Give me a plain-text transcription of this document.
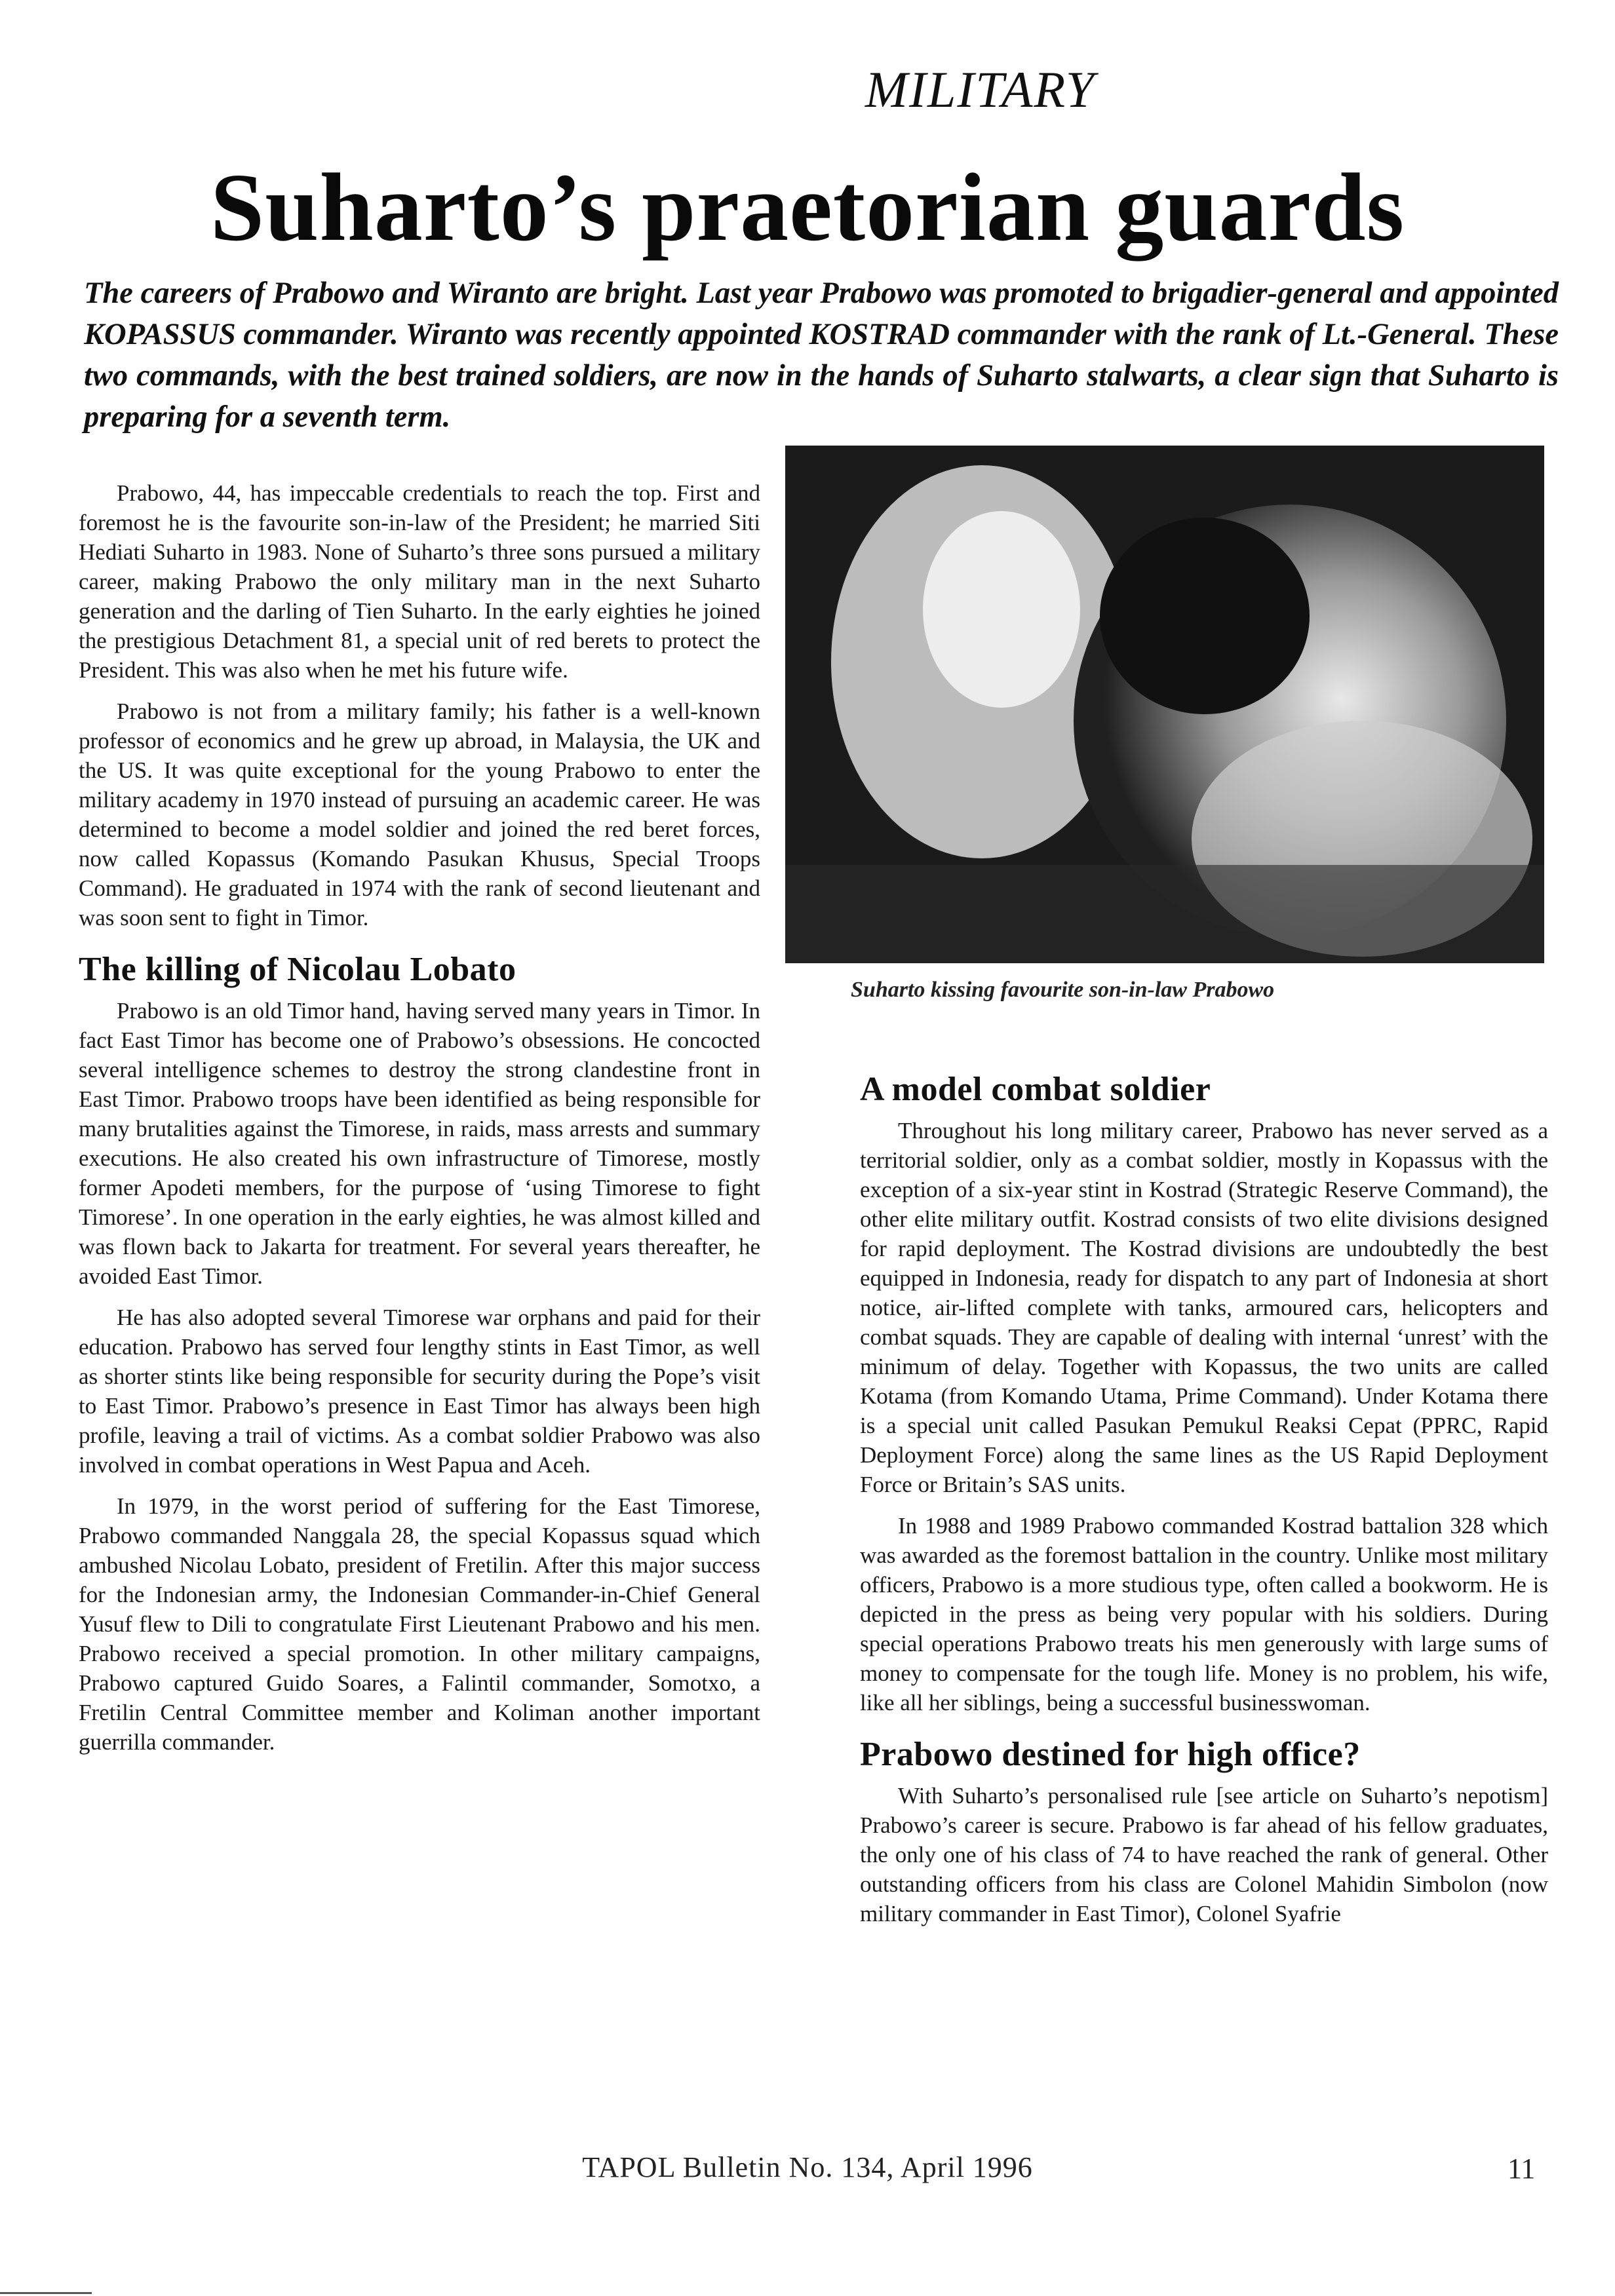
MILITARY
Suharto’s praetorian guards
The careers of Prabowo and Wiranto are bright. Last year Prabowo was promoted to brigadier-general and appointed KOPASSUS commander. Wiranto was recently appointed KOSTRAD commander with the rank of Lt.-General. These two commands, with the best trained soldiers, are now in the hands of Suharto stalwarts, a clear sign that Suharto is preparing for a seventh term.

Prabowo, 44, has impeccable credentials to reach the top. First and foremost he is the favourite son-in-law of the President; he married Siti Hediati Suharto in 1983. None of Suharto’s three sons pursued a military career, making Prabowo the only military man in the next Suharto generation and the darling of Tien Suharto. In the early eighties he joined the prestigious Detachment 81, a special unit of red berets to protect the President. This was also when he met his future wife.

Prabowo is not from a military family; his father is a well-known professor of economics and he grew up abroad, in Malaysia, the UK and the US. It was quite exceptional for the young Prabowo to enter the military academy in 1970 instead of pursuing an academic career. He was determined to become a model soldier and joined the red beret forces, now called Kopassus (Komando Pasukan Khusus, Special Troops Command). He graduated in 1974 with the rank of second lieutenant and was soon sent to fight in Timor.

The killing of Nicolau Lobato

Prabowo is an old Timor hand, having served many years in Timor. In fact East Timor has become one of Prabowo’s obsessions. He concocted several intelligence schemes to destroy the strong clandestine front in East Timor. Prabowo troops have been identified as being responsible for many brutalities against the Timorese, in raids, mass arrests and summary executions. He also created his own infrastructure of Timorese, mostly former Apodeti members, for the purpose of ‘using Timorese to fight Timorese’. In one operation in the early eighties, he was almost killed and was flown back to Jakarta for treatment. For several years thereafter, he avoided East Timor.

He has also adopted several Timorese war orphans and paid for their education. Prabowo has served four lengthy stints in East Timor, as well as shorter stints like being responsible for security during the Pope’s visit to East Timor. Prabowo’s presence in East Timor has always been high profile, leaving a trail of victims. As a combat soldier Prabowo was also involved in combat operations in West Papua and Aceh.

In 1979, in the worst period of suffering for the East Timorese, Prabowo commanded Nanggala 28, the special Kopassus squad which ambushed Nicolau Lobato, president of Fretilin. After this major success for the Indonesian army, the Indonesian Commander-in-Chief General Yusuf flew to Dili to congratulate First Lieutenant Prabowo and his men. Prabowo received a special promotion. In other military campaigns, Prabowo captured Guido Soares, a Falintil commander, Somotxo, a Fretilin Central Committee member and Koliman another important guerrilla commander.

Suharto kissing favourite son-in-law Prabowo
A model combat soldier

Throughout his long military career, Prabowo has never served as a territorial soldier, only as a combat soldier, mostly in Kopassus with the exception of a six-year stint in Kostrad (Strategic Reserve Command), the other elite military outfit. Kostrad consists of two elite divisions designed for rapid deployment. The Kostrad divisions are undoubtedly the best equipped in Indonesia, ready for dispatch to any part of Indonesia at short notice, air-lifted complete with tanks, armoured cars, helicopters and combat squads. They are capable of dealing with internal ‘unrest’ with the minimum of delay. Together with Kopassus, the two units are called Kotama (from Komando Utama, Prime Command). Under Kotama there is a special unit called Pasukan Pemukul Reaksi Cepat (PPRC, Rapid Deployment Force) along the same lines as the US Rapid Deployment Force or Britain’s SAS units.

In 1988 and 1989 Prabowo commanded Kostrad battalion 328 which was awarded as the foremost battalion in the country. Unlike most military officers, Prabowo is a more studious type, often called a bookworm. He is depicted in the press as being very popular with his soldiers. During special operations Prabowo treats his men generously with large sums of money to compensate for the tough life. Money is no problem, his wife, like all her siblings, being a successful businesswoman.

Prabowo destined for high office?

With Suharto’s personalised rule [see article on Suharto’s nepotism] Prabowo’s career is secure. Prabowo is far ahead of his fellow graduates, the only one of his class of 74 to have reached the rank of general. Other outstanding officers from his class are Colonel Mahidin Simbolon (now military commander in East Timor), Colonel Syafrie

TAPOL Bulletin No. 134, April 1996	11
